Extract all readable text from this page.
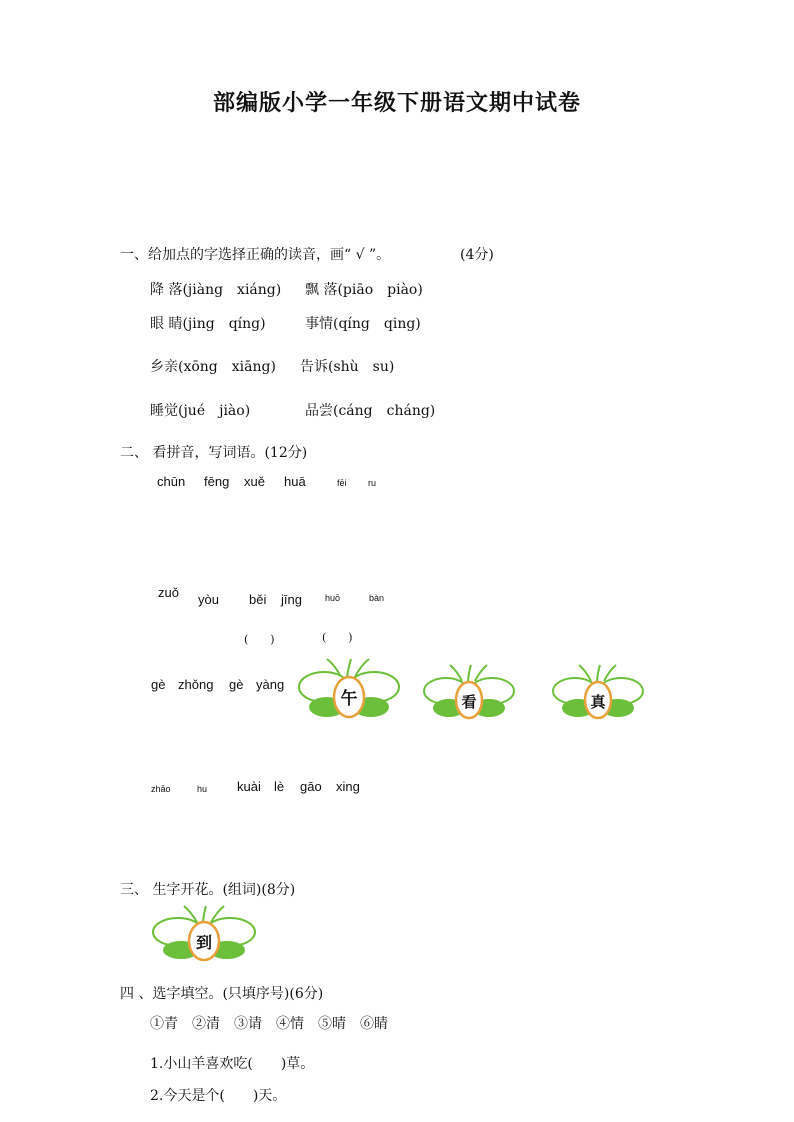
部编版小学一年级下册语文期中试卷
一、给加点的字选择正确的读音，画“ √ ”。	(4分)
降 落(jiàng　xiáng) 飘 落(piāo　piào)
眼 睛(jing　qíng)	事情(qíng　qing)
乡亲(xōng　xiāng) 告诉(shù　su)
睡觉(jué　jiào)	品尝(cáng　cháng)
二、 看拼音，写词语。(12分)
chūn fēng xuě huā	fēi ru
zuǒ yòu běi jīng	huō	bàn
(　　)	(　　)
gè zhǒng gè yàng
午	看	真
zhāo	hu kuài lè gāo xing
三、 生字开花。(组词)(8分)
到
四 、选字填空。(只填序号)(6分)
①青　②清　③请　④情　⑤晴　⑥睛
1.小山羊喜欢吃(　　)草。
2.今天是个(　　)天。
